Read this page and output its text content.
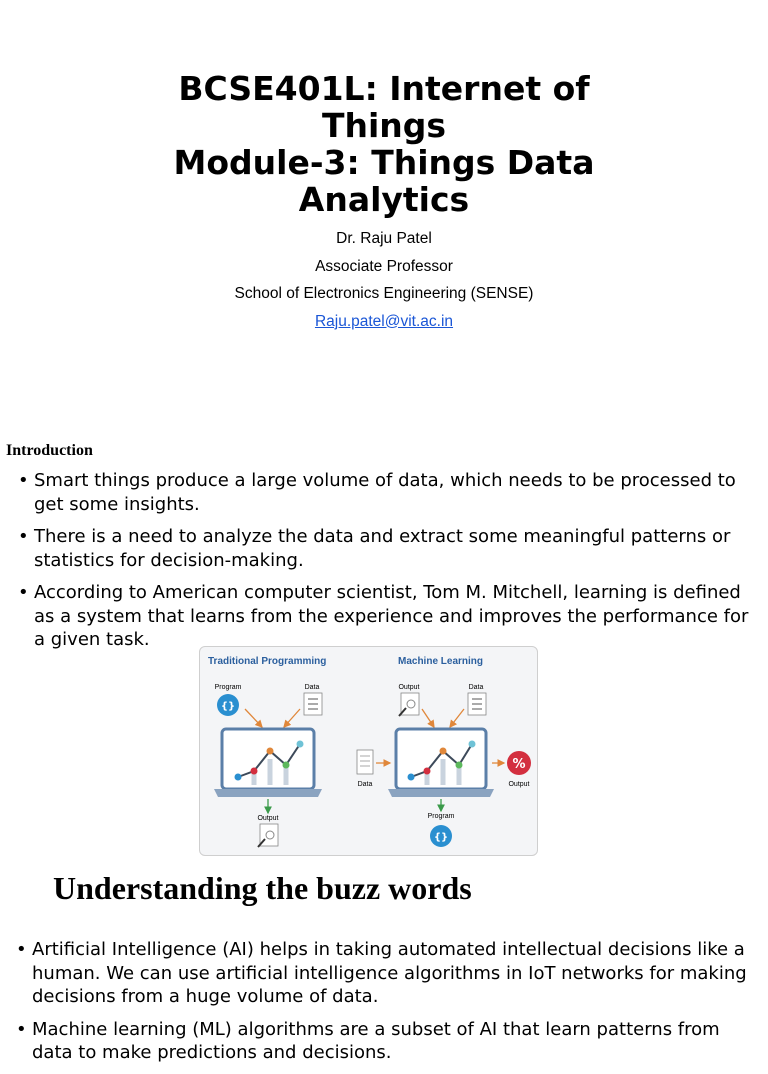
BCSE401L: Internet of
Things
Module-3: Things Data
Analytics
Dr. Raju Patel
Associate Professor
School of Electronics Engineering (SENSE)
Raju.patel@vit.ac.in
Introduction
• Smart things produce a large volume of data, which needs to be processed to get some insights.
• There is a need to analyze the data and extract some meaningful patterns or statistics for decision-making.
• According to American computer scientist, Tom M. Mitchell, learning is defined as a system that learns from the experience and improves the performance for a given task.
Traditional Programming	Machine Learning
Program
{}
Data
Output
Output	Data
Data
%
Output
Program
{}
Understanding the buzz words
• Artificial Intelligence (AI) helps in taking automated intellectual decisions like a human. We can use artificial intelligence algorithms in IoT networks for making decisions from a huge volume of data.
• Machine learning (ML) algorithms are a subset of AI that learn patterns from data to make predictions and decisions.
